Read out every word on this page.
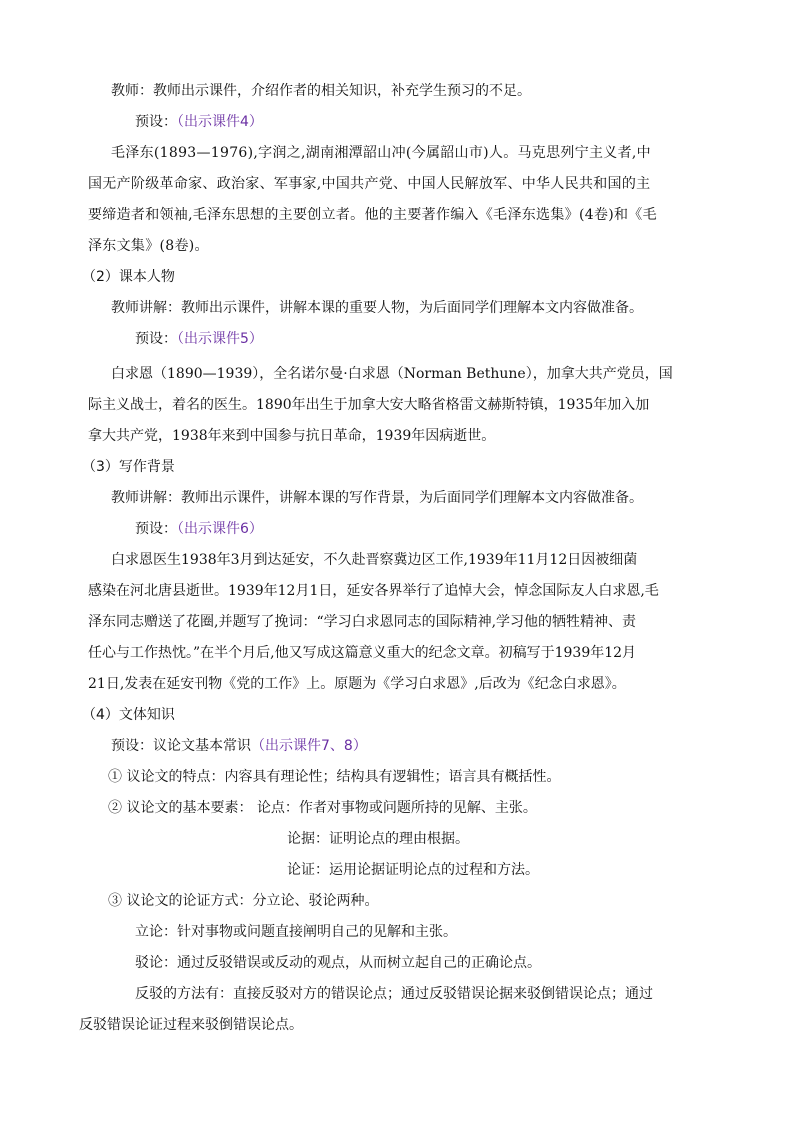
教师：教师出示课件，介绍作者的相关知识，补充学生预习的不足。
预设：（出示课件4）
毛泽东(1893—1976),字润之,湖南湘潭韶山冲(今属韶山市)人。马克思列宁主义者,中
国无产阶级革命家、政治家、军事家,中国共产党、中国人民解放军、中华人民共和国的主
要缔造者和领袖,毛泽东思想的主要创立者。他的主要著作编入《毛泽东选集》(4卷)和《毛
泽东文集》(8卷)。
（2）课本人物
教师讲解：教师出示课件，讲解本课的重要人物，为后面同学们理解本文内容做准备。
预设：（出示课件5）
白求恩（1890—1939），全名诺尔曼·白求恩（Norman Bethune），加拿大共产党员，国
际主义战士，着名的医生。1890年出生于加拿大安大略省格雷文赫斯特镇，1935年加入加
拿大共产党，1938年来到中国参与抗日革命，1939年因病逝世。
（3）写作背景
教师讲解：教师出示课件，讲解本课的写作背景，为后面同学们理解本文内容做准备。
预设：（出示课件6）
白求恩医生1938年3月到达延安，不久赴晋察冀边区工作,1939年11月12日因被细菌
感染在河北唐县逝世。1939年12月1日，延安各界举行了追悼大会，悼念国际友人白求恩,毛
泽东同志赠送了花圈,并题写了挽词：“学习白求恩同志的国际精神,学习他的牺牲精神、责
任心与工作热忱。”在半个月后,他又写成这篇意义重大的纪念文章。初稿写于1939年12月
21日,发表在延安刊物《党的工作》上。原题为《学习白求恩》,后改为《纪念白求恩》。
（4）文体知识
预设：议论文基本常识（出示课件7、8）
① 议论文的特点：内容具有理论性；结构具有逻辑性；语言具有概括性。
② 议论文的基本要素： 论点：作者对事物或问题所持的见解、主张。
论据：证明论点的理由根据。
论证：运用论据证明论点的过程和方法。
③ 议论文的论证方式：分立论、驳论两种。
立论：针对事物或问题直接阐明自己的见解和主张。
驳论：通过反驳错误或反动的观点，从而树立起自己的正确论点。
反驳的方法有：直接反驳对方的错误论点；通过反驳错误论据来驳倒错误论点；通过
反驳错误论证过程来驳倒错误论点。
